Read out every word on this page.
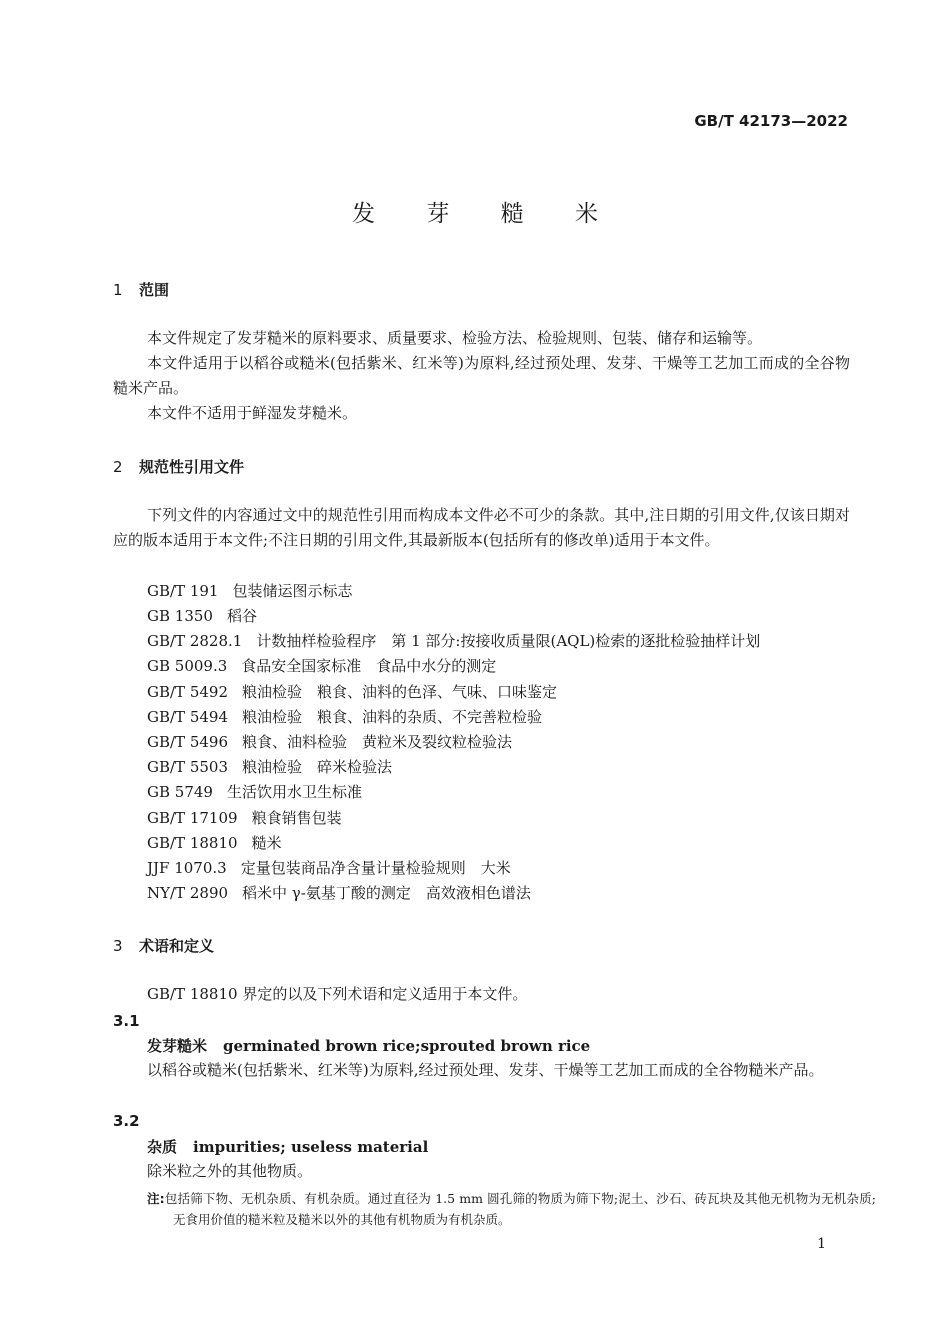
GB/T 42173—2022
发 芽 糙 米
1 范围

本文件规定了发芽糙米的原料要求、质量要求、检验方法、检验规则、包装、储存和运输等。

本文件适用于以稻谷或糙米(包括紫米、红米等)为原料,经过预处理、发芽、干燥等工艺加工而成的全谷物糙米产品。

本文件不适用于鲜湿发芽糙米。

2 规范性引用文件

下列文件的内容通过文中的规范性引用而构成本文件必不可少的条款。其中,注日期的引用文件,仅该日期对应的版本适用于本文件;不注日期的引用文件,其最新版本(包括所有的修改单)适用于本文件。

GB/T 191 包装储运图示标志
GB 1350 稻谷
GB/T 2828.1 计数抽样检验程序　第 1 部分:按接收质量限(AQL)检索的逐批检验抽样计划
GB 5009.3 食品安全国家标准　食品中水分的测定
GB/T 5492 粮油检验　粮食、油料的色泽、气味、口味鉴定
GB/T 5494 粮油检验　粮食、油料的杂质、不完善粒检验
GB/T 5496 粮食、油料检验　黄粒米及裂纹粒检验法
GB/T 5503 粮油检验　碎米检验法
GB 5749 生活饮用水卫生标准
GB/T 17109 粮食销售包装
GB/T 18810 糙米
JJF 1070.3 定量包装商品净含量计量检验规则　大米
NY/T 2890 稻米中 γ-氨基丁酸的测定　高效液相色谱法
3 术语和定义

GB/T 18810 界定的以及下列术语和定义适用于本文件。

3.1
发芽糙米 germinated brown rice;sprouted brown rice

以稻谷或糙米(包括紫米、红米等)为原料,经过预处理、发芽、干燥等工艺加工而成的全谷物糙米产品。

3.2
杂质 impurities; useless material

除米粒之外的其他物质。

注:包括筛下物、无机杂质、有机杂质。通过直径为 1.5 mm 圆孔筛的物质为筛下物;泥土、沙石、砖瓦块及其他无机物为无机杂质;无食用价值的糙米粒及糙米以外的其他有机物质为有机杂质。

1
